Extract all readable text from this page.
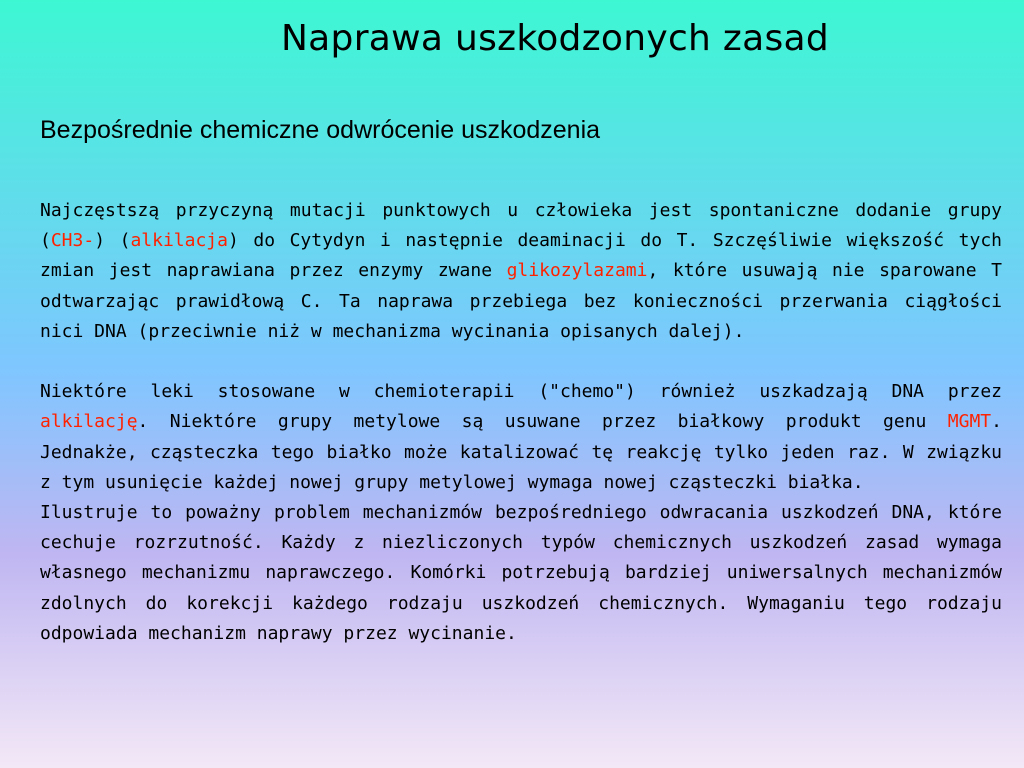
Naprawa uszkodzonych zasad
Bezpośrednie chemiczne odwrócenie uszkodzenia

Najczęstszą przyczyną mutacji punktowych u człowieka jest spontaniczne dodanie grupy (CH3-) (alkilacja) do Cytydyn i następnie deaminacji do T. Szczęśliwie większość tych zmian jest naprawiana przez enzymy zwane glikozylazami, które usuwają nie sparowane T odtwarzając prawidłową C. Ta naprawa przebiega bez konieczności przerwania ciągłości nici DNA (przeciwnie niż w mechanizma wycinania opisanych dalej).

Niektóre leki stosowane w chemioterapii ("chemo") również uszkadzają DNA przez alkilację. Niektóre grupy metylowe są usuwane przez białkowy produkt genu MGMT. Jednakże, cząsteczka tego białko może katalizować tę reakcję tylko jeden raz. W związku z tym usunięcie każdej nowej grupy metylowej wymaga nowej cząsteczki białka.

Ilustruje to poważny problem mechanizmów bezpośredniego odwracania uszkodzeń DNA, które cechuje rozrzutność. Każdy z niezliczonych typów chemicznych uszkodzeń zasad wymaga własnego mechanizmu naprawczego. Komórki potrzebują bardziej uniwersalnych mechanizmów zdolnych do korekcji każdego rodzaju uszkodzeń chemicznych. Wymaganiu tego rodzaju odpowiada mechanizm naprawy przez wycinanie.
